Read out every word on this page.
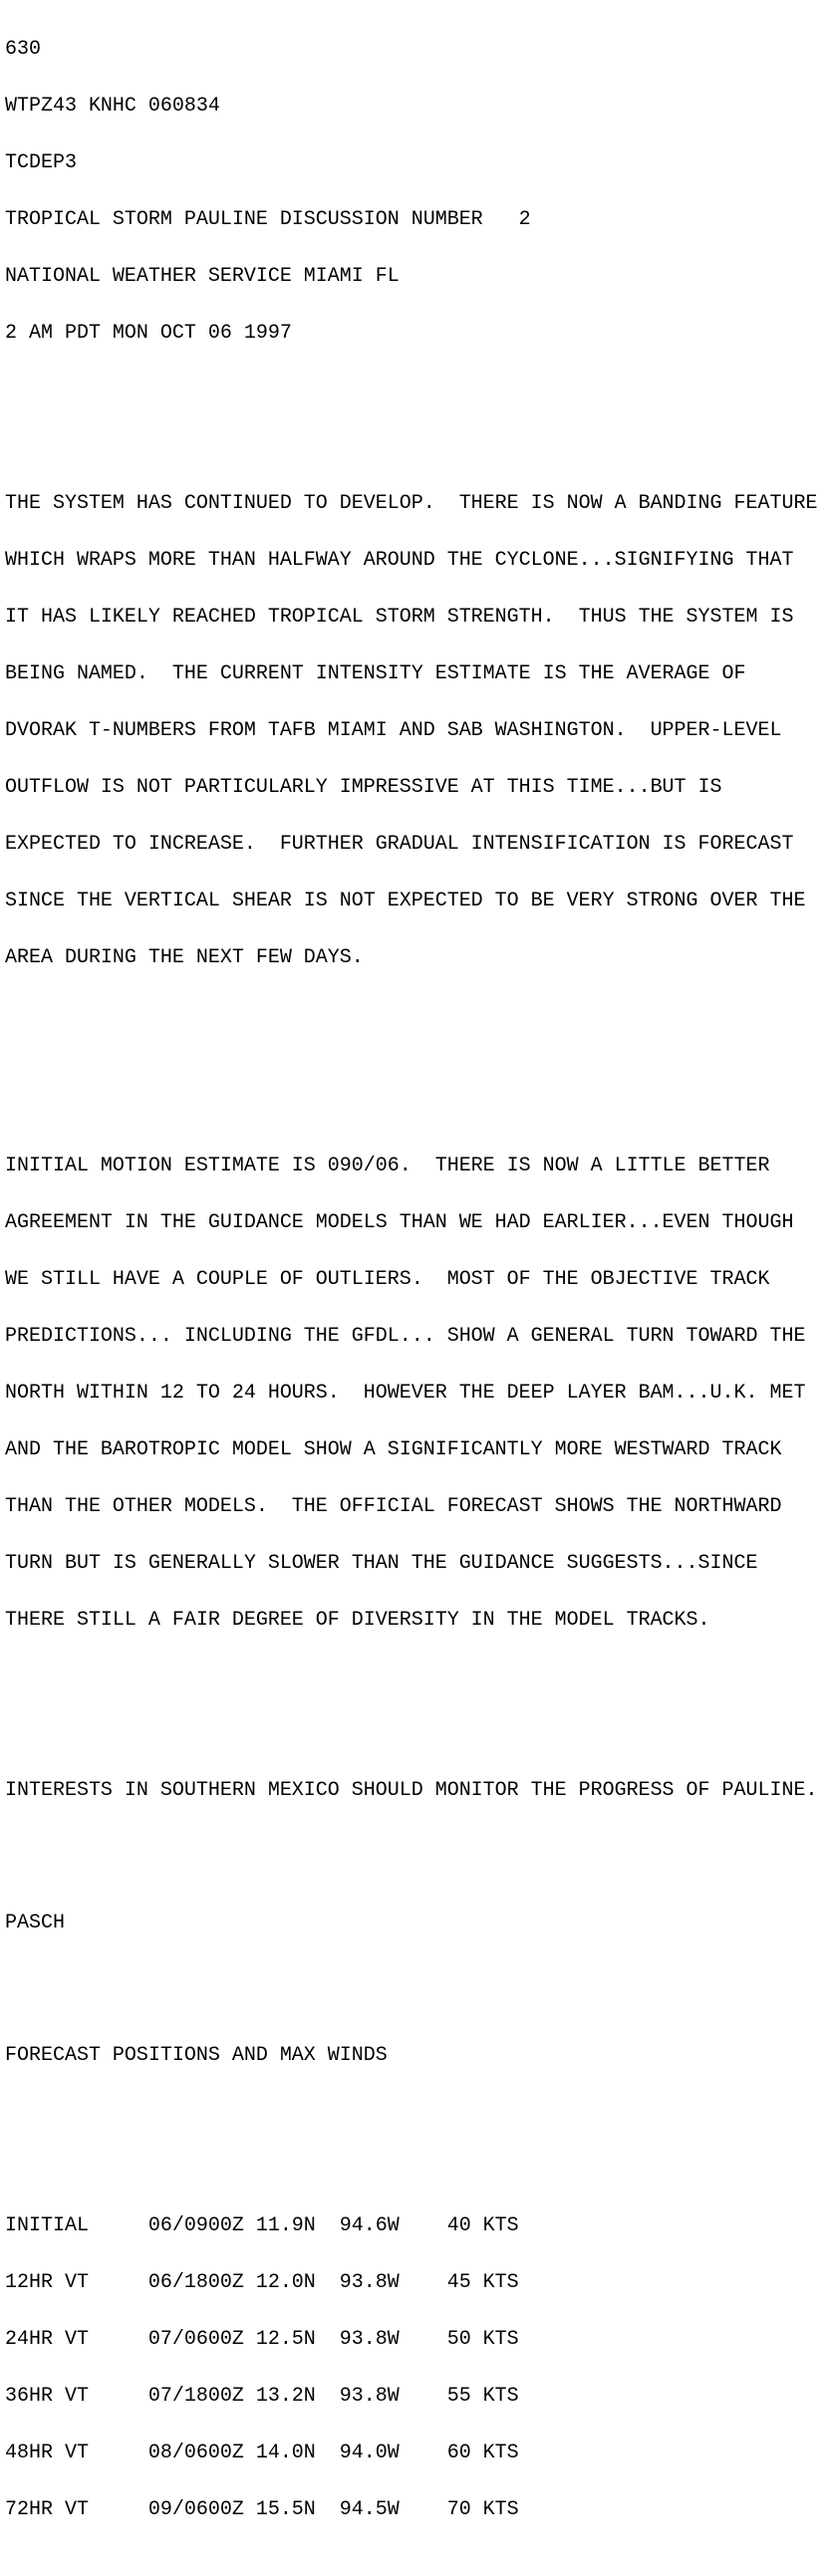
630

WTPZ43 KNHC 060834

TCDEP3

TROPICAL STORM PAULINE DISCUSSION NUMBER   2

NATIONAL WEATHER SERVICE MIAMI FL

2 AM PDT MON OCT 06 1997

THE SYSTEM HAS CONTINUED TO DEVELOP.  THERE IS NOW A BANDING FEATURE

WHICH WRAPS MORE THAN HALFWAY AROUND THE CYCLONE...SIGNIFYING THAT

IT HAS LIKELY REACHED TROPICAL STORM STRENGTH.  THUS THE SYSTEM IS

BEING NAMED.  THE CURRENT INTENSITY ESTIMATE IS THE AVERAGE OF

DVORAK T-NUMBERS FROM TAFB MIAMI AND SAB WASHINGTON.  UPPER-LEVEL

OUTFLOW IS NOT PARTICULARLY IMPRESSIVE AT THIS TIME...BUT IS

EXPECTED TO INCREASE.  FURTHER GRADUAL INTENSIFICATION IS FORECAST

SINCE THE VERTICAL SHEAR IS NOT EXPECTED TO BE VERY STRONG OVER THE

AREA DURING THE NEXT FEW DAYS.

INITIAL MOTION ESTIMATE IS 090/06.  THERE IS NOW A LITTLE BETTER

AGREEMENT IN THE GUIDANCE MODELS THAN WE HAD EARLIER...EVEN THOUGH

WE STILL HAVE A COUPLE OF OUTLIERS.  MOST OF THE OBJECTIVE TRACK

PREDICTIONS... INCLUDING THE GFDL... SHOW A GENERAL TURN TOWARD THE

NORTH WITHIN 12 TO 24 HOURS.  HOWEVER THE DEEP LAYER BAM...U.K. MET

AND THE BAROTROPIC MODEL SHOW A SIGNIFICANTLY MORE WESTWARD TRACK

THAN THE OTHER MODELS.  THE OFFICIAL FORECAST SHOWS THE NORTHWARD

TURN BUT IS GENERALLY SLOWER THAN THE GUIDANCE SUGGESTS...SINCE

THERE STILL A FAIR DEGREE OF DIVERSITY IN THE MODEL TRACKS.

INTERESTS IN SOUTHERN MEXICO SHOULD MONITOR THE PROGRESS OF PAULINE.

PASCH

FORECAST POSITIONS AND MAX WINDS

INITIAL     06/0900Z 11.9N  94.6W    40 KTS

12HR VT     06/1800Z 12.0N  93.8W    45 KTS

24HR VT     07/0600Z 12.5N  93.8W    50 KTS

36HR VT     07/1800Z 13.2N  93.8W    55 KTS

48HR VT     08/0600Z 14.0N  94.0W    60 KTS

72HR VT     09/0600Z 15.5N  94.5W    70 KTS
